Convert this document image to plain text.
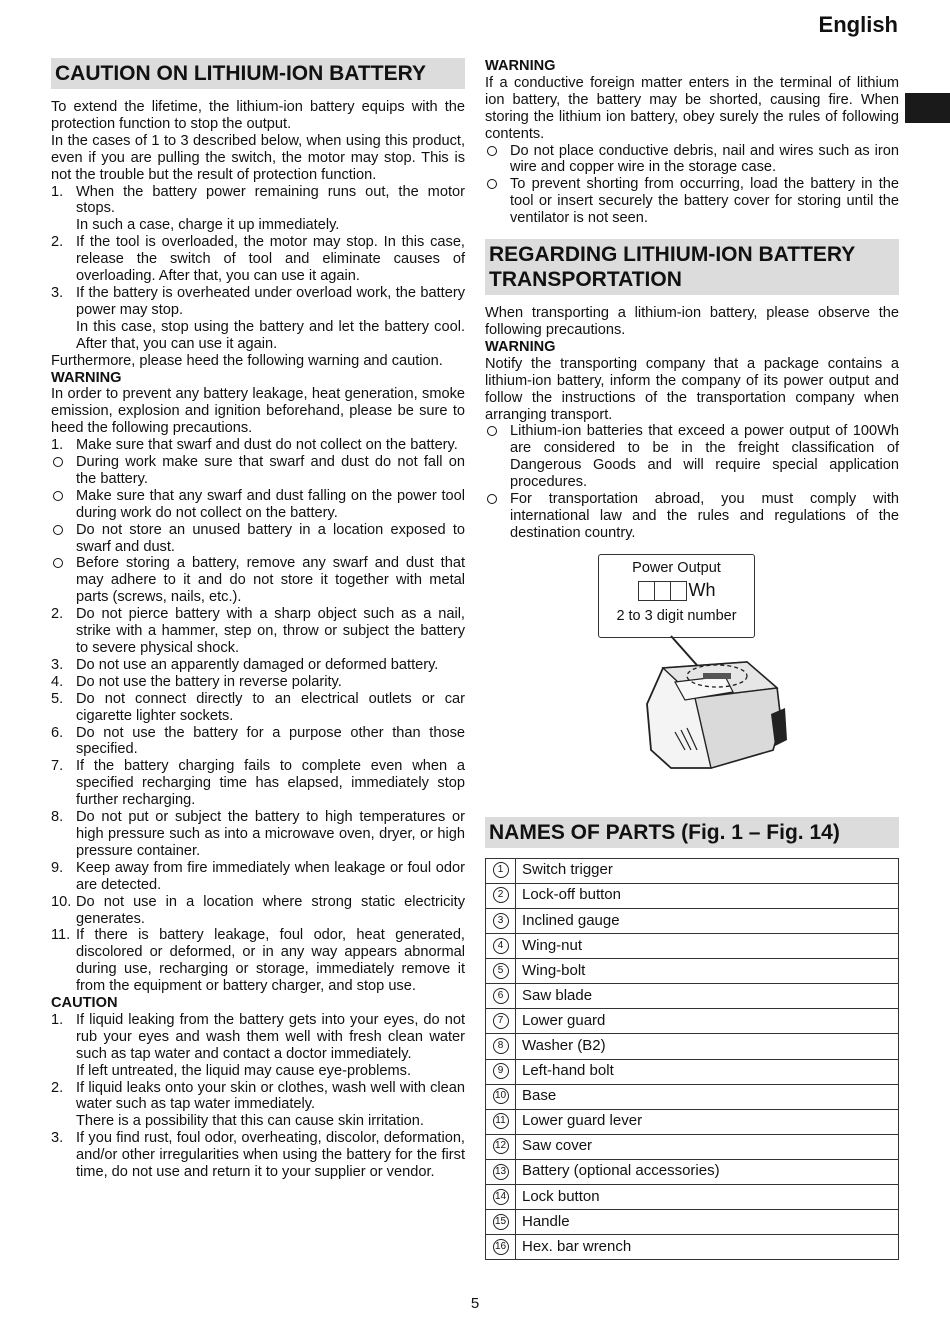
English
CAUTION ON LITHIUM-ION BATTERY

To extend the lifetime, the lithium-ion battery equips with the protection function to stop the output.

In the cases of 1 to 3 described below, when using this product, even if you are pulling the switch, the motor may stop. This is not the trouble but the result of protection function.

1. When the battery power remaining runs out, the motor stops.
In such a case, charge it up immediately.
2. If the tool is overloaded, the motor may stop. In this case, release the switch of tool and eliminate causes of overloading. After that, you can use it again.
3. If the battery is overheated under overload work, the battery power may stop.
In this case, stop using the battery and let the battery cool. After that, you can use it again.

Furthermore, please heed the following warning and caution.

WARNING

In order to prevent any battery leakage, heat generation, smoke emission, explosion and ignition beforehand, please be sure to heed the following precautions.

1. Make sure that swarf and dust do not collect on the battery.
During work make sure that swarf and dust do not fall on the battery.
Make sure that any swarf and dust falling on the power tool during work do not collect on the battery.
Do not store an unused battery in a location exposed to swarf and dust.
Before storing a battery, remove any swarf and dust that may adhere to it and do not store it together with metal parts (screws, nails, etc.).
2. Do not pierce battery with a sharp object such as a nail, strike with a hammer, step on, throw or subject the battery to severe physical shock.
3. Do not use an apparently damaged or deformed battery.
4. Do not use the battery in reverse polarity.
5. Do not connect directly to an electrical outlets or car cigarette lighter sockets.
6. Do not use the battery for a purpose other than those specified.
7. If the battery charging fails to complete even when a specified recharging time has elapsed, immediately stop further recharging.
8. Do not put or subject the battery to high temperatures or high pressure such as into a microwave oven, dryer, or high pressure container.
9. Keep away from fire immediately when leakage or foul odor are detected.
10. Do not use in a location where strong static electricity generates.
11. If there is battery leakage, foul odor, heat generated, discolored or deformed, or in any way appears abnormal during use, recharging or storage, immediately remove it from the equipment or battery charger, and stop use.

CAUTION

1. If liquid leaking from the battery gets into your eyes, do not rub your eyes and wash them well with fresh clean water such as tap water and contact a doctor immediately.
If left untreated, the liquid may cause eye-problems.
2. If liquid leaks onto your skin or clothes, wash well with clean water such as tap water immediately.
There is a possibility that this can cause skin irritation.
3. If you find rust, foul odor, overheating, discolor, deformation, and/or other irregularities when using the battery for the first time, do not use and return it to your supplier or vendor.

WARNING

If a conductive foreign matter enters in the terminal of lithium ion battery, the battery may be shorted, causing fire. When storing the lithium ion battery, obey surely the rules of following contents.

Do not place conductive debris, nail and wires such as iron wire and copper wire in the storage case.
To prevent shorting from occurring, load the battery in the tool or insert securely the battery cover for storing until the ventilator is not seen.
REGARDING LITHIUM-ION BATTERY TRANSPORTATION

When transporting a lithium-ion battery, please observe the following precautions.

WARNING

Notify the transporting company that a package contains a lithium-ion battery, inform the company of its power output and follow the instructions of the transportation company when arranging transport.

Lithium-ion batteries that exceed a power output of 100Wh are considered to be in the freight classification of Dangerous Goods and will require special application procedures.
For transportation abroad, you must comply with international law and the rules and regulations of the destination country.
Power Output
Wh
2 to 3 digit number
NAMES OF PARTS (Fig. 1 – Fig. 14)
1	Switch trigger
2	Lock-off button
3	Inclined gauge
4	Wing-nut
5	Wing-bolt
6	Saw blade
7	Lower guard
8	Washer (B2)
9	Left-hand bolt
10	Base
11	Lower guard lever
12	Saw cover
13	Battery (optional accessories)
14	Lock button
15	Handle
16	Hex. bar wrench
5
